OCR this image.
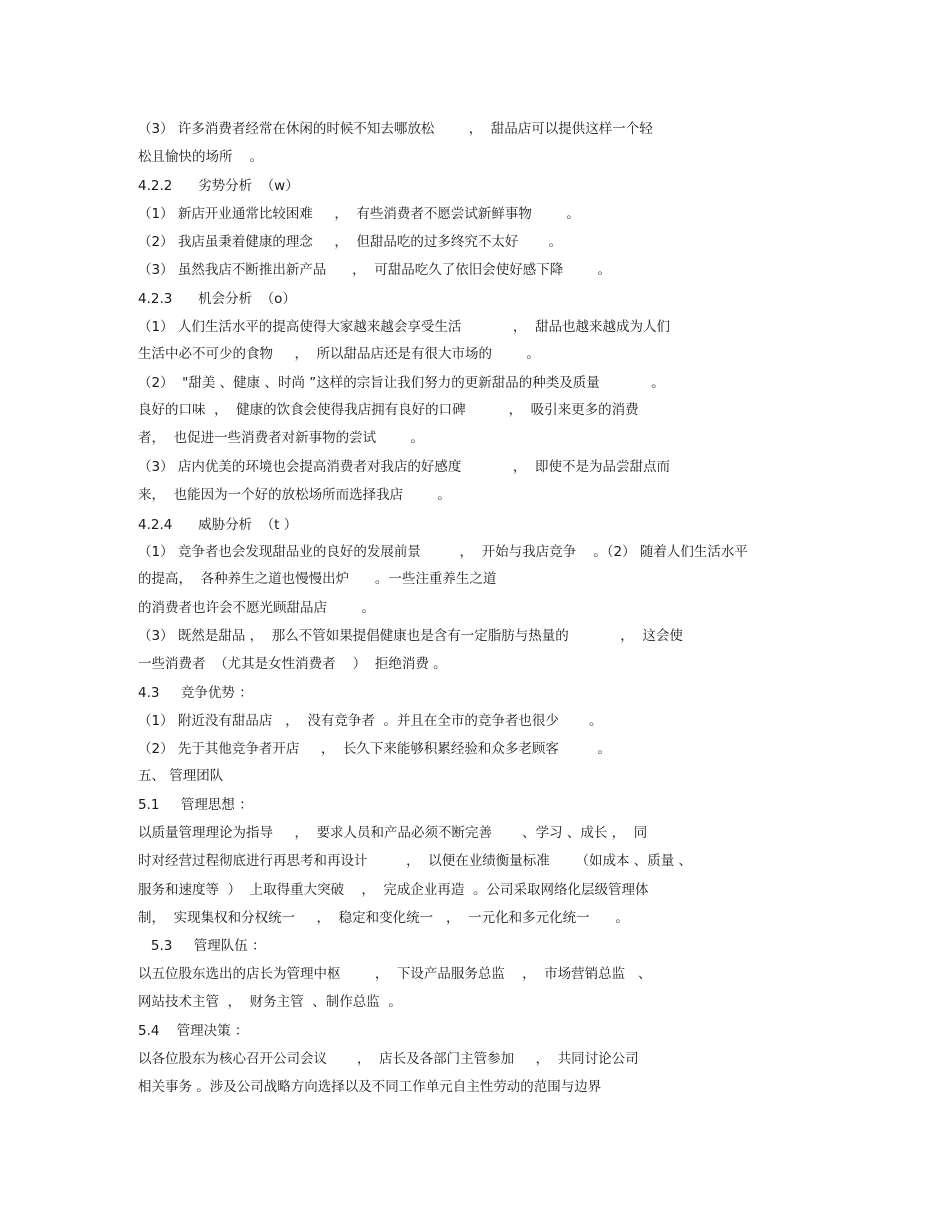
（3） 许多消费者经常在休闲的时候不知去哪放松        ，  甜品店可以提供这样一个轻
松且愉快的场所    。
4.2.2      劣势分析  （w）
（1） 新店开业通常比较困难     ，  有些消费者不愿尝试新鲜事物        。
（2） 我店虽秉着健康的理念     ，  但甜品吃的过多终究不太好       。
（3） 虽然我店不断推出新产品      ，  可甜品吃久了依旧会使好感下降        。
4.2.3      机会分析  （o）
（1） 人们生活水平的提高使得大家越来越会享受生活            ，  甜品也越来越成为人们
生活中必不可少的食物     ，  所以甜品店还是有很大市场的        。
（2）  "甜美 、健康 、时尚 ”这样的宗旨让我们努力的更新甜品的种类及质量            。
良好的口味  ，  健康的饮食会使得我店拥有良好的口碑          ，  吸引来更多的消费
者，  也促进一些消费者对新事物的尝试        。
（3） 店内优美的环境也会提高消费者对我店的好感度            ，  即使不是为品尝甜点而
来，  也能因为一个好的放松场所而选择我店        。
4.2.4      威胁分析  （t ）
（1） 竞争者也会发现甜品业的良好的发展前景         ，  开始与我店竞争    。（2） 随着人们生活水平
的提高，  各种养生之道也慢慢出炉      。一些注重养生之道
的消费者也许会不愿光顾甜品店        。
（3） 既然是甜品 ，  那么不管如果提倡健康也是含有一定脂肪与热量的            ，  这会使
一些消费者  （尤其是女性消费者    ）  拒绝消费 。
4.3     竞争优势 ：
（1） 附近没有甜品店   ，  没有竞争者  。并且在全市的竞争者也很少       。
（2） 先于其他竞争者开店     ，  长久下来能够积累经验和众多老顾客         。
五、 管理团队
5.1     管理思想 ：
以质量管理理论为指导     ，  要求人员和产品必须不断完善       、学习 、成长 ，  同
时对经营过程彻底进行再思考和再设计         ，  以便在业绩衡量标准      （如成本 、质量 、
服务和速度等  ）  上取得重大突破    ，  完成企业再造  。公司采取网络化层级管理体
制，  实现集权和分权统一     ，  稳定和变化统一   ，  一元化和多元化统一      。
5.3     管理队伍 ：
以五位股东选出的店长为管理中枢        ，  下设产品服务总监    ，  市场营销总监   、
网站技术主管  ，  财务主管  、制作总监  。
5.4    管理决策 ：
以各位股东为核心召开公司会议       ，  店长及各部门主管参加     ，  共同讨论公司
相关事务 。涉及公司战略方向选择以及不同工作单元自主性劳动的范围与边界
